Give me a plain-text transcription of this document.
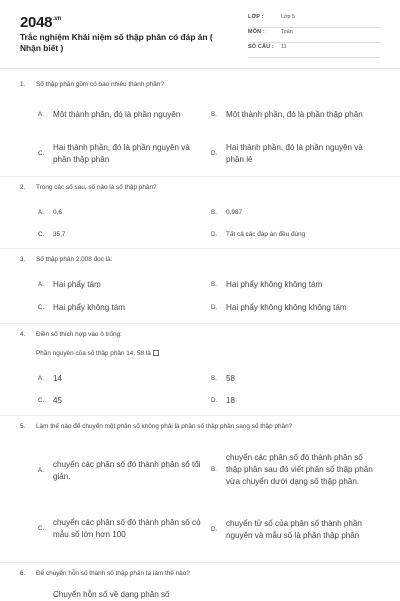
$2048^{.vn}$
Trắc nghiệm Khái niệm số thập phân có đáp án ( Nhận biết )
LỚP :	Lớp 5
MÔN :	Toán
SỐ CÂU :	11
1.	Số thập phân gồm có bao nhiêu thành phần?
A.	Một thành phần, đó là phần nguyên	B.	Một thành phần, đó là phần thập phân
C.
Hai thành phần, đó là phần nguyên và phần thập phân
D.
Hai thành phần, đó là phần nguyên và phần lẻ
2.	Trong các số sau, số nào là số thập phân?
A.	0,6	B.	0,987
C.	35,7	D.	Tất cả các đáp án đều đúng
3.	Số thập phân 2,008 đọc là:
A.	Hai phẩy tám	B.	Hai phẩy không không tám
C.	Hai phẩy không tám	D.	Hai phẩy không không không tám
4.	Điền số thích hợp vào ô trống:
Phần nguyên của số thập phân 14, 58 là
A.	14	B.	58
C.	45	D.	18
5.	Làm thế nào để chuyển một phân số không phải là phân số thập phân sang số thập phân?
A.
chuyển các phân số đó thành phân số tối giản.
B.
chuyển các phân số đó thành phân số thập phân sau đó viết phân số thập phân vừa chuyển dưới dạng số thập phân.
C.
chuyển các phân số đó thành phân số có mẫu số lớn hơn 100
D.
chuyển tử số của phân số thành phần nguyên và mẫu số là phần thập phân
6.	Để chuyển hỗn số thành số thập phân ta làm thế nào?
Chuyển hỗn số về dạng phân số
